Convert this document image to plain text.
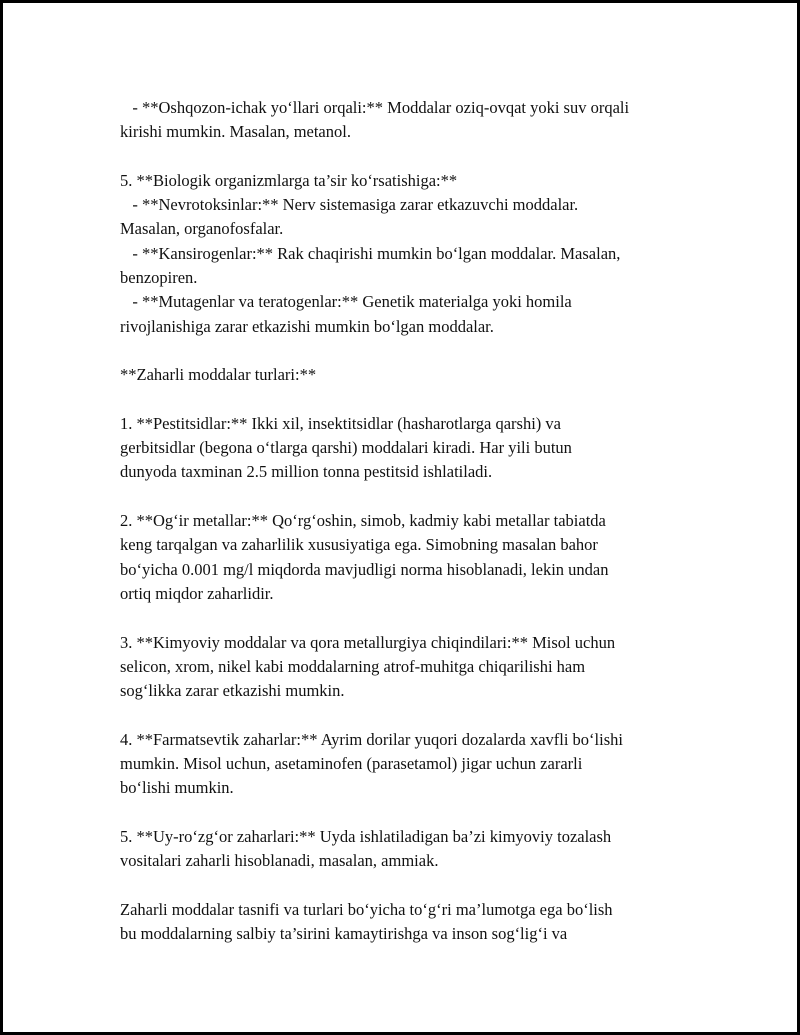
- **Oshqozon-ichak yo‘llari orqali:** Moddalar oziq-ovqat yoki suv orqali
kirishi mumkin. Masalan, metanol.
5. **Biologik organizmlarga ta’sir ko‘rsatishiga:**
- **Nevrotoksinlar:** Nerv sistemasiga zarar etkazuvchi moddalar.
Masalan, organofosfalar.
- **Kansirogenlar:** Rak chaqirishi mumkin bo‘lgan moddalar. Masalan,
benzopiren.
- **Mutagenlar va teratogenlar:** Genetik materialga yoki homila
rivojlanishiga zarar etkazishi mumkin bo‘lgan moddalar.
**Zaharli moddalar turlari:**
1. **Pestitsidlar:** Ikki xil, insektitsidlar (hasharotlarga qarshi) va
gerbitsidlar (begona o‘tlarga qarshi) moddalari kiradi. Har yili butun
dunyoda taxminan 2.5 million tonna pestitsid ishlatiladi.
2. **Og‘ir metallar:** Qo‘rg‘oshin, simob, kadmiy kabi metallar tabiatda
keng tarqalgan va zaharlilik xususiyatiga ega. Simobning masalan bahor
bo‘yicha 0.001 mg/l miqdorda mavjudligi norma hisoblanadi, lekin undan
ortiq miqdor zaharlidir.
3. **Kimyoviy moddalar va qora metallurgiya chiqindilari:** Misol uchun
selicon, xrom, nikel kabi moddalarning atrof-muhitga chiqarilishi ham
sog‘likka zarar etkazishi mumkin.
4. **Farmatsevtik zaharlar:** Ayrim dorilar yuqori dozalarda xavfli bo‘lishi
mumkin. Misol uchun, asetaminofen (parasetamol) jigar uchun zararli
bo‘lishi mumkin.
5. **Uy-ro‘zg‘or zaharlari:** Uyda ishlatiladigan ba’zi kimyoviy tozalash
vositalari zaharli hisoblanadi, masalan, ammiak.
Zaharli moddalar tasnifi va turlari bo‘yicha to‘g‘ri ma’lumotga ega bo‘lish
bu moddalarning salbiy ta’sirini kamaytirishga va inson sog‘lig‘i va
